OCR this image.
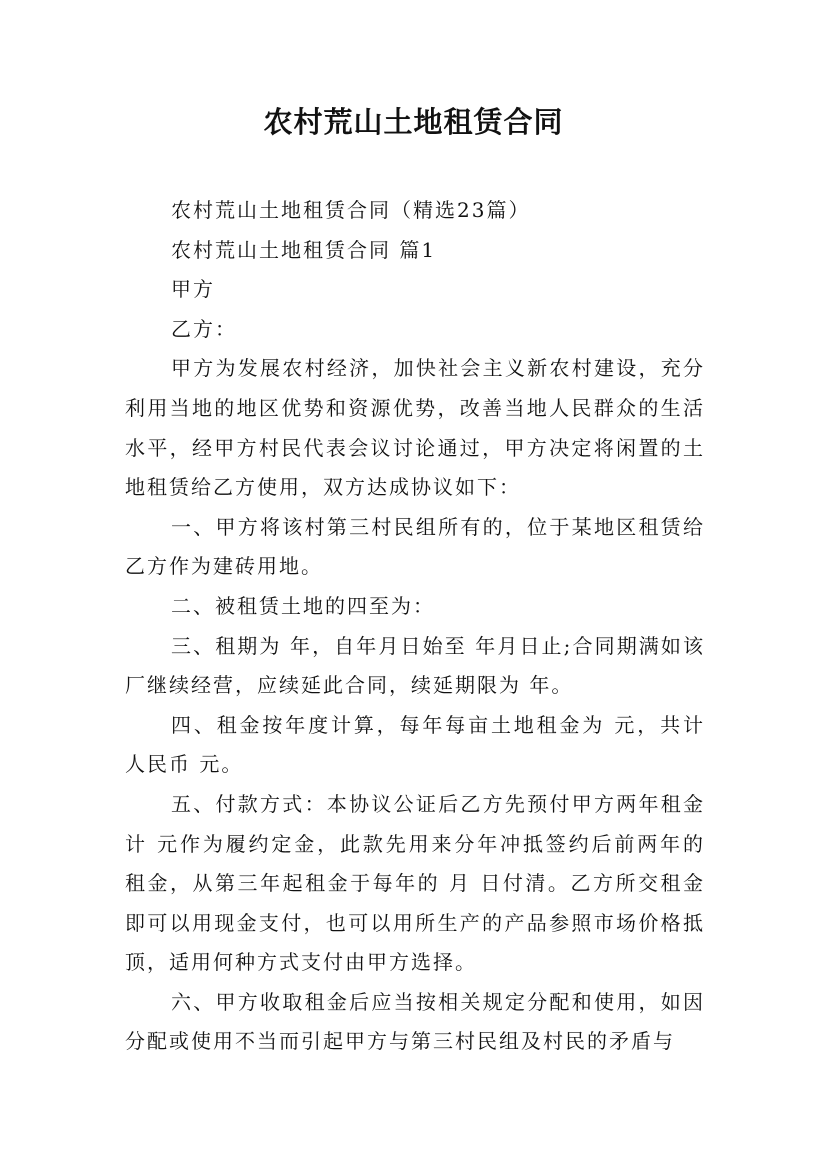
农村荒山土地租赁合同

农村荒山土地租赁合同（精选23篇）

农村荒山土地租赁合同 篇1

甲方

乙方：

甲方为发展农村经济，加快社会主义新农村建设，充分利用当地的地区优势和资源优势，改善当地人民群众的生活水平，经甲方村民代表会议讨论通过，甲方决定将闲置的土地租赁给乙方使用，双方达成协议如下：

一、甲方将该村第三村民组所有的，位于某地区租赁给乙方作为建砖用地。

二、被租赁土地的四至为：

三、租期为 年，自年月日始至 年月日止;合同期满如该厂继续经营，应续延此合同，续延期限为 年。

四、租金按年度计算，每年每亩土地租金为 元，共计人民币 元。

五、付款方式：本协议公证后乙方先预付甲方两年租金计 元作为履约定金，此款先用来分年冲抵签约后前两年的租金，从第三年起租金于每年的 月 日付清。乙方所交租金即可以用现金支付，也可以用所生产的产品参照市场价格抵顶，适用何种方式支付由甲方选择。

六、甲方收取租金后应当按相关规定分配和使用，如因分配或使用不当而引起甲方与第三村民组及村民的矛盾与
